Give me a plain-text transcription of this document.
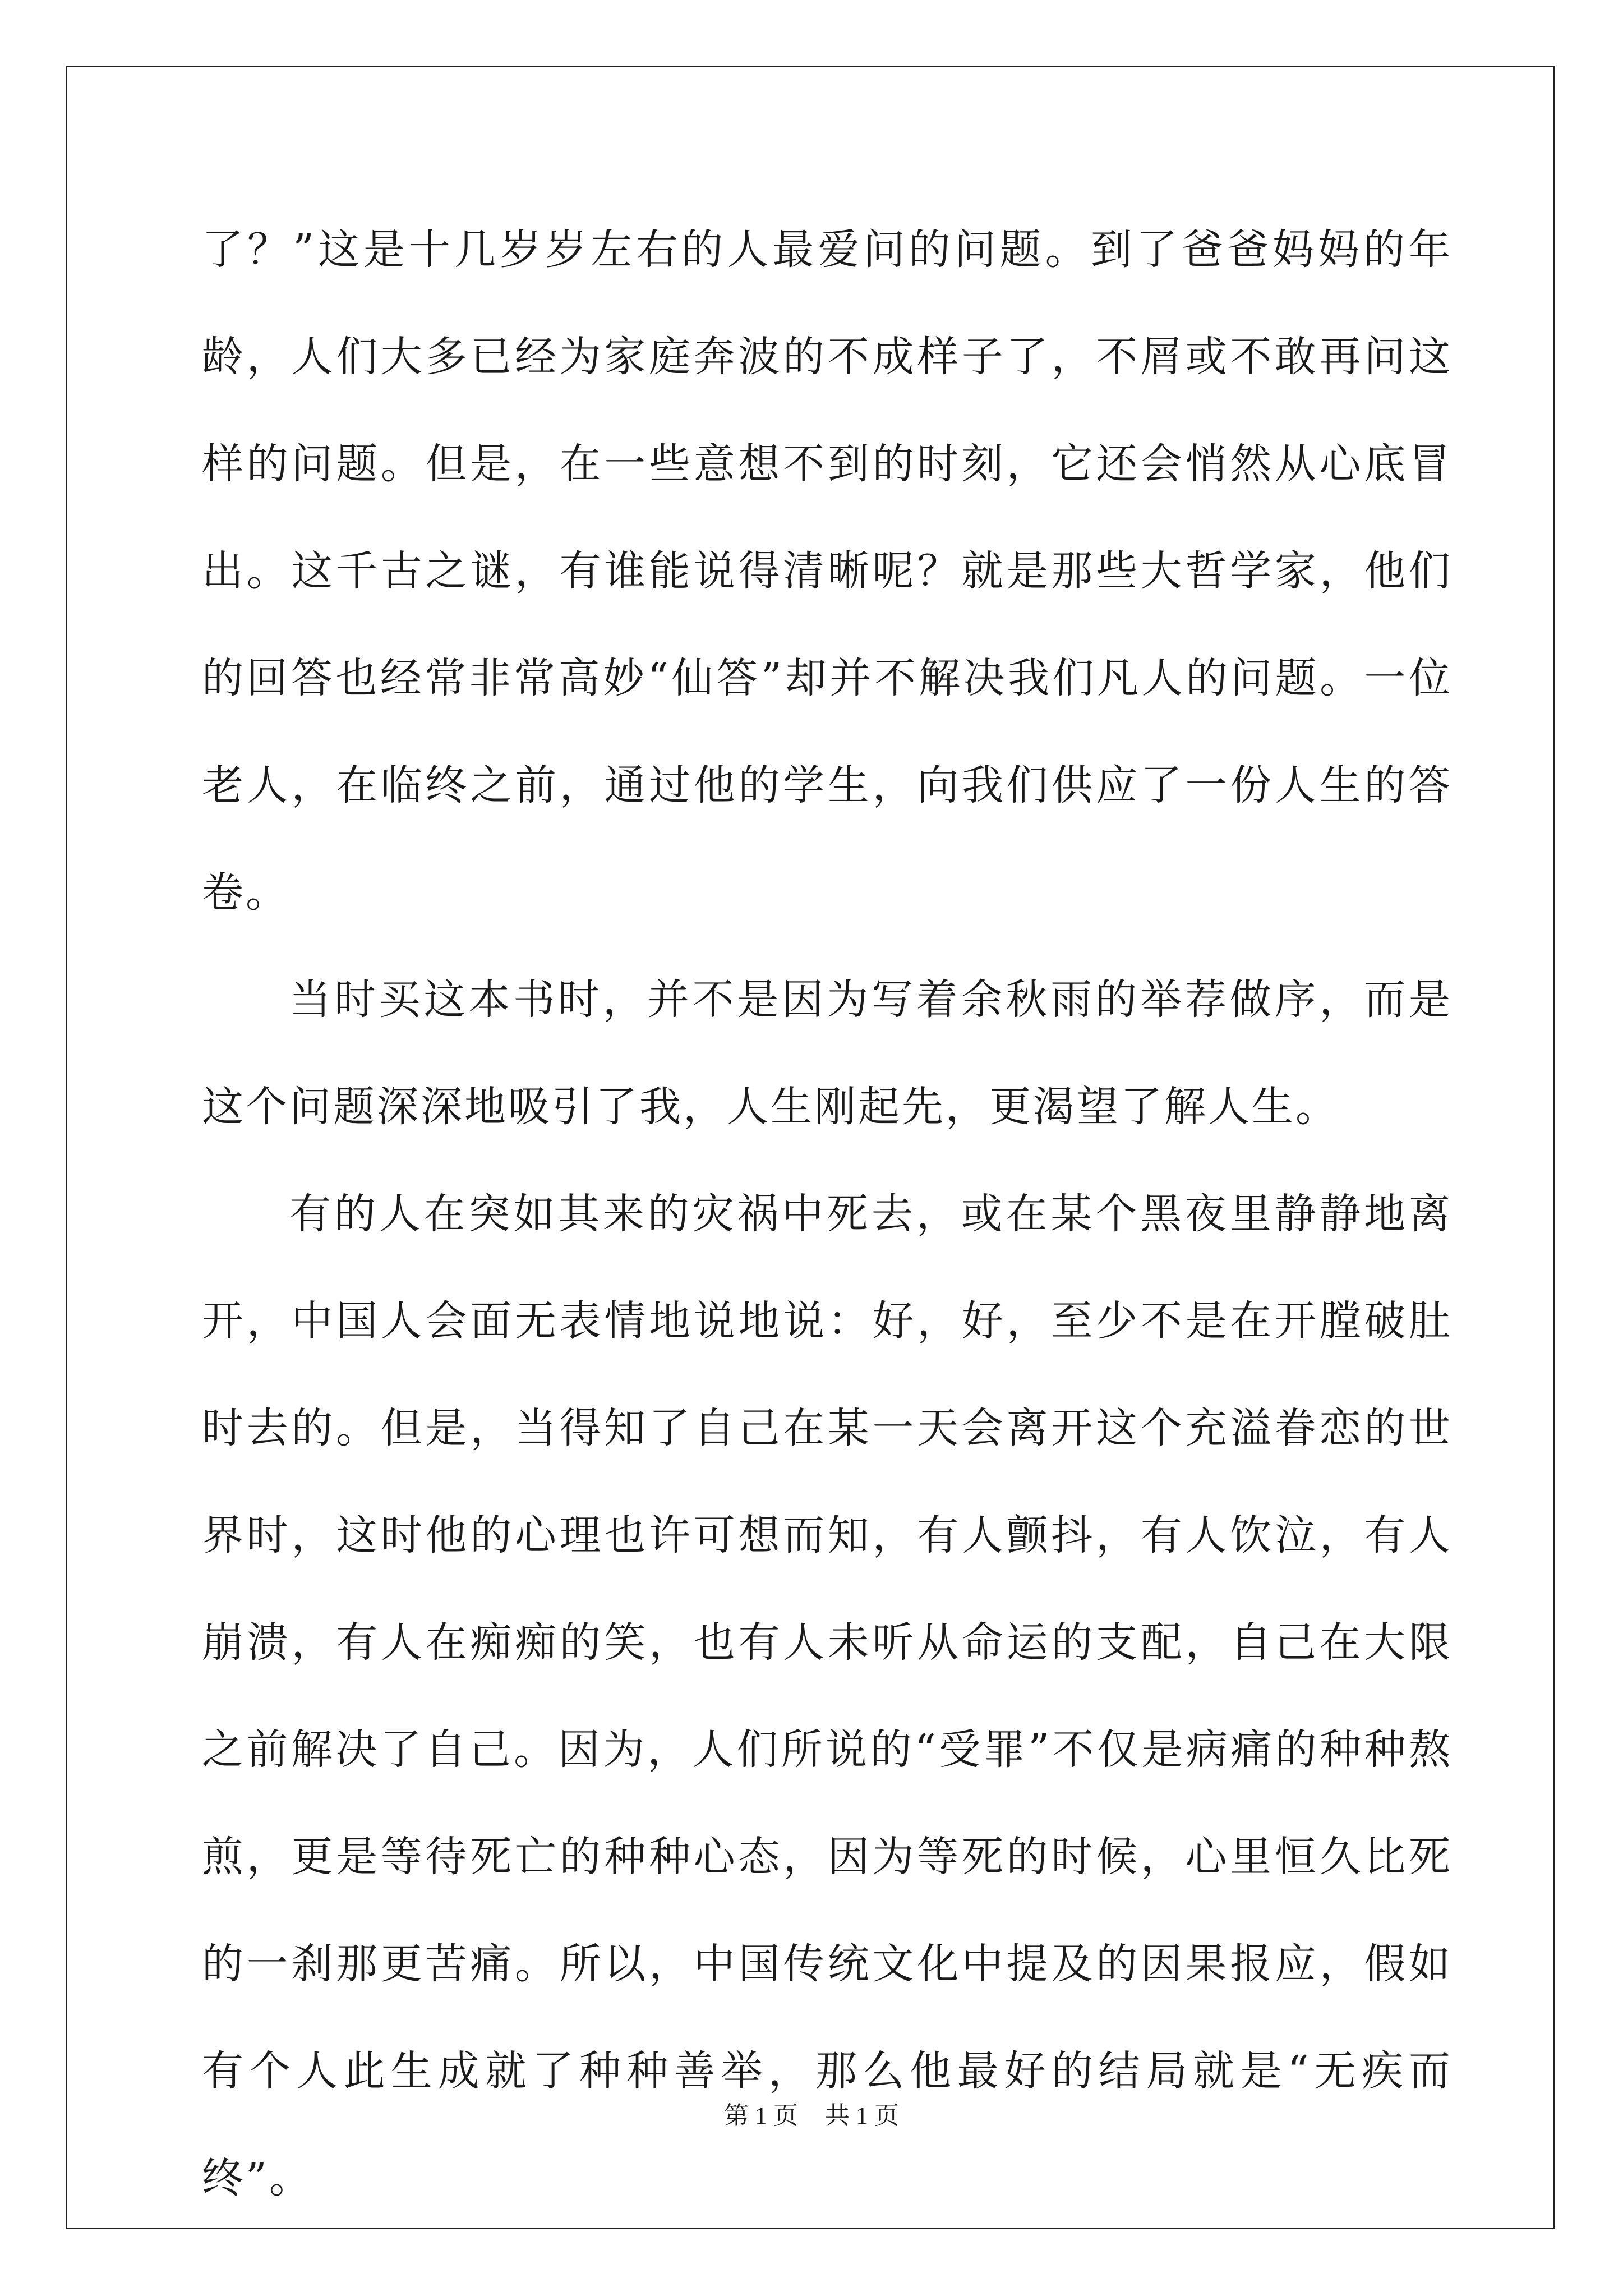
了？”这是十几岁岁左右的人最爱问的问题。到了爸爸妈妈的年龄，人们大多已经为家庭奔波的不成样子了，不屑或不敢再问这样的问题。但是，在一些意想不到的时刻，它还会悄然从心底冒出。这千古之谜，有谁能说得清晰呢？就是那些大哲学家，他们的回答也经常非常高妙“仙答”却并不解决我们凡人的问题。一位老人，在临终之前，通过他的学生，向我们供应了一份人生的答卷。

当时买这本书时，并不是因为写着余秋雨的举荐做序，而是这个问题深深地吸引了我，人生刚起先，更渴望了解人生。

有的人在突如其来的灾祸中死去，或在某个黑夜里静静地离开，中国人会面无表情地说地说：好，好，至少不是在开膛破肚时去的。但是，当得知了自己在某一天会离开这个充溢眷恋的世界时，这时他的心理也许可想而知，有人颤抖，有人饮泣，有人崩溃，有人在痴痴的笑，也有人未听从命运的支配，自己在大限之前解决了自己。因为，人们所说的“受罪”不仅是病痛的种种熬煎，更是等待死亡的种种心态，因为等死的时候，心里恒久比死的一刹那更苦痛。所以，中国传统文化中提及的因果报应，假如有个人此生成就了种种善举，那么他最好的结局就是“无疾而终”。

第 1 页 共 1 页
